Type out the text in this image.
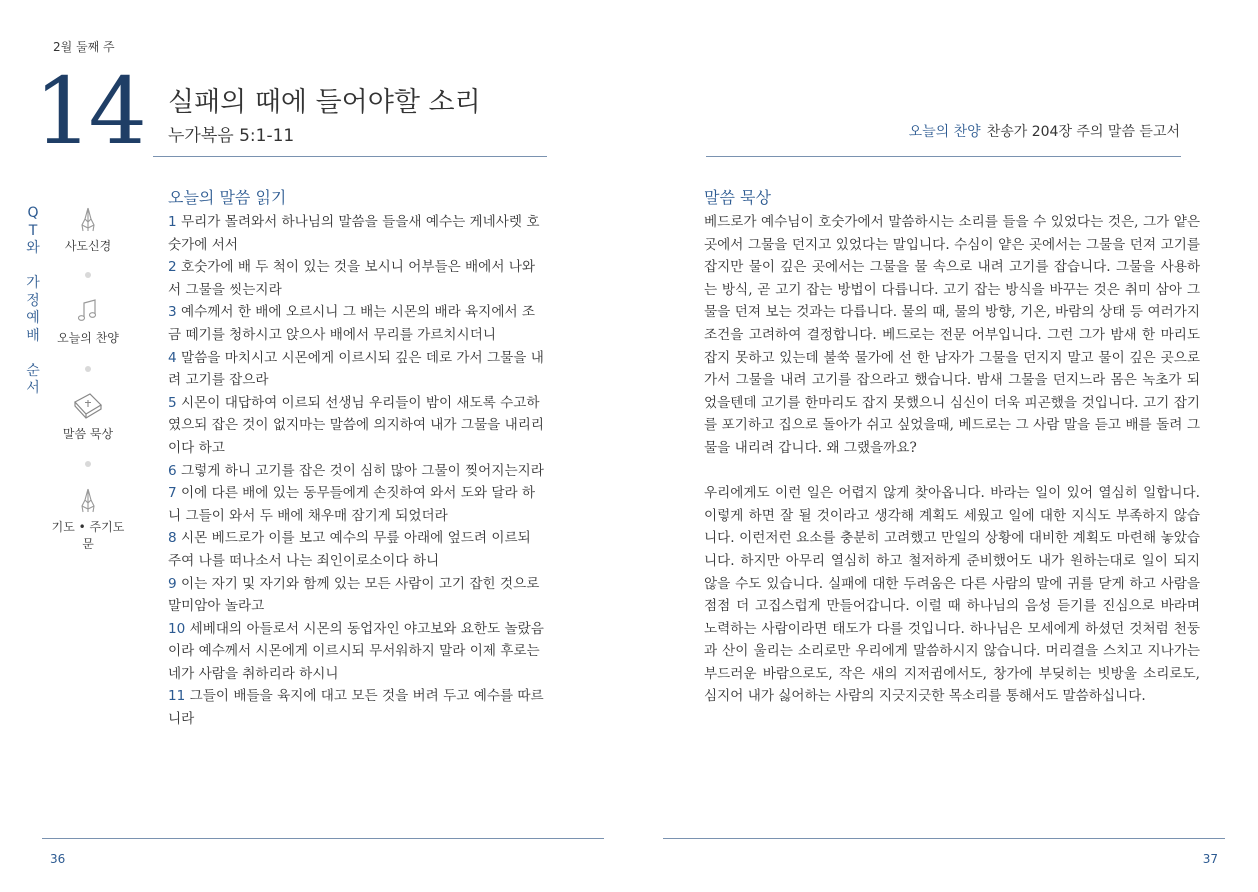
2월 둘째 주
14 실패의 때에 들어야할 소리
누가복음 5:1-11	오늘의 찬양 찬송가 204장 주의 말씀 듣고서
Q
T
와
가
정
예
배
순
서
사도신경
오늘의 찬양
말씀 묵상
기도 • 주기도문
오늘의 말씀 읽기
1 무리가 몰려와서 하나님의 말씀을 들을새 예수는 게네사렛 호숫가에 서서
2 호숫가에 배 두 척이 있는 것을 보시니 어부들은 배에서 나와서 그물을 씻는지라
3 예수께서 한 배에 오르시니 그 배는 시몬의 배라 육지에서 조금 떼기를 청하시고 앉으사 배에서 무리를 가르치시더니
4 말씀을 마치시고 시몬에게 이르시되 깊은 데로 가서 그물을 내려 고기를 잡으라
5 시몬이 대답하여 이르되 선생님 우리들이 밤이 새도록 수고하였으되 잡은 것이 없지마는 말씀에 의지하여 내가 그물을 내리리이다 하고
6 그렇게 하니 고기를 잡은 것이 심히 많아 그물이 찢어지는지라
7 이에 다른 배에 있는 동무들에게 손짓하여 와서 도와 달라 하니 그들이 와서 두 배에 채우매 잠기게 되었더라
8 시몬 베드로가 이를 보고 예수의 무릎 아래에 엎드려 이르되 주여 나를 떠나소서 나는 죄인이로소이다 하니
9 이는 자기 및 자기와 함께 있는 모든 사람이 고기 잡힌 것으로 말미암아 놀라고
10 세베대의 아들로서 시몬의 동업자인 야고보와 요한도 놀랐음이라 예수께서 시몬에게 이르시되 무서워하지 말라 이제 후로는 네가 사람을 취하리라 하시니
11 그들이 배들을 육지에 대고 모든 것을 버려 두고 예수를 따르니라
말씀 묵상

베드로가 예수님이 호숫가에서 말씀하시는 소리를 들을 수 있었다는 것은, 그가 얕은 곳에서 그물을 던지고 있었다는 말입니다. 수심이 얕은 곳에서는 그물을 던져 고기를 잡지만 물이 깊은 곳에서는 그물을 물 속으로 내려 고기를 잡습니다. 그물을 사용하는 방식, 곧 고기 잡는 방법이 다릅니다. 고기 잡는 방식을 바꾸는 것은 취미 삼아 그물을 던져 보는 것과는 다릅니다. 물의 때, 물의 방향, 기온, 바람의 상태 등 여러가지 조건을 고려하여 결정합니다. 베드로는 전문 어부입니다. 그런 그가 밤새 한 마리도 잡지 못하고 있는데 불쑥 물가에 선 한 남자가 그물을 던지지 말고 물이 깊은 곳으로 가서 그물을 내려 고기를 잡으라고 했습니다. 밤새 그물을 던지느라 몸은 녹초가 되었을텐데 고기를 한마리도 잡지 못했으니 심신이 더욱 피곤했을 것입니다. 고기 잡기를 포기하고 집으로 돌아가 쉬고 싶었을때, 베드로는 그 사람 말을 듣고 배를 돌려 그물을 내리려 갑니다. 왜 그랬을까요?

우리에게도 이런 일은 어렵지 않게 찾아옵니다. 바라는 일이 있어 열심히 일합니다. 이렇게 하면 잘 될 것이라고 생각해 계획도 세웠고 일에 대한 지식도 부족하지 않습니다. 이런저런 요소를 충분히 고려했고 만일의 상황에 대비한 계획도 마련해 놓았습니다. 하지만 아무리 열심히 하고 철저하게 준비했어도 내가 원하는대로 일이 되지 않을 수도 있습니다. 실패에 대한 두려움은 다른 사람의 말에 귀를 닫게 하고 사람을 점점 더 고집스럽게 만들어갑니다. 이럴 때 하나님의 음성 듣기를 진심으로 바라며 노력하는 사람이라면 태도가 다를 것입니다. 하나님은 모세에게 하셨던 것처럼 천둥과 산이 울리는 소리로만 우리에게 말씀하시지 않습니다. 머리결을 스치고 지나가는 부드러운 바람으로도, 작은 새의 지저귐에서도, 창가에 부딪히는 빗방울 소리로도, 심지어 내가 싫어하는 사람의 지긋지긋한 목소리를 통해서도 말씀하십니다.

36	37
